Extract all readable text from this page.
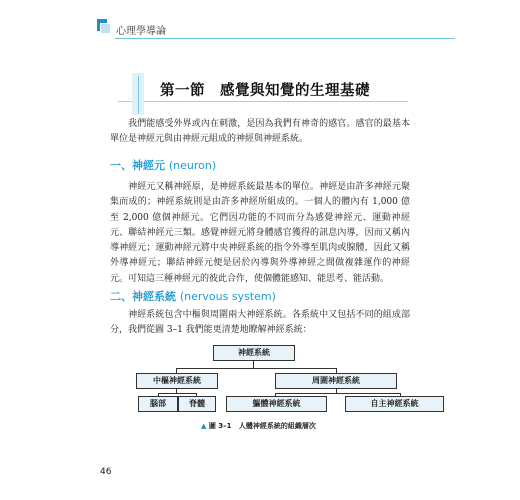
心理學導論
第一節　感覺與知覺的生理基礎
我們能感受外界或內在刺激，是因為我們有神奇的感官。感官的最基本單位是神經元與由神經元組成的神經與神經系統。
一、神經元 (neuron)
神經元又稱神經原，是神經系統最基本的單位。神經是由許多神經元聚集而成的；神經系統則是由許多神經所組成的。一個人的體內有 1,000 億至 2,000 億個神經元。它們因功能的不同而分為感覺神經元、運動神經元、聯結神經元三類。感覺神經元將身體感官獲得的訊息內導，因而又稱內導神經元；運動神經元將中央神經系統的指令外導至肌肉或腺體，因此又稱外導神經元；聯結神經元便是居於內導與外導神經之間做複雜運作的神經元。可知這三種神經元的彼此合作，使個體能感知、能思考、能活動。
二、神經系統 (nervous system)
神經系統包含中樞與周圍兩大神經系統。各系統中又包括不同的組成部分，我們從圖 3–1 我們能更清楚地瞭解神經系統：
神經系統
中樞神經系統	周圍神經系統
腦部	脊髓	軀體神經系統	自主神經系統
▲ 圖 3–1 人體神經系統的組織層次
46
